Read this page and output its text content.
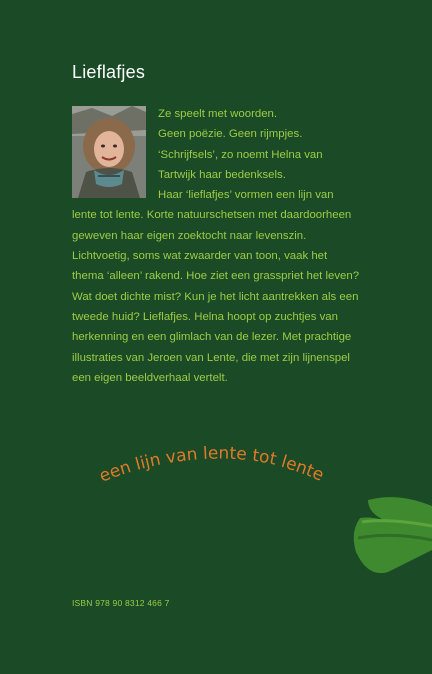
Lieflafjes
Ze speelt met woorden.
Geen poëzie. Geen rijmpjes.
‘Schrijfsels’, zo noemt Helna van
Tartwijk haar bedenksels.
Haar ‘lieflafjes’ vormen een lijn van
lente tot lente. Korte natuurschetsen met daardoorheen
geweven haar eigen zoektocht naar levenszin.
Lichtvoetig, soms wat zwaarder van toon, vaak het
thema ‘alleen’ rakend. Hoe ziet een grasspriet het leven?
Wat doet dichte mist? Kun je het licht aantrekken als een
tweede huid? Lieflafjes. Helna hoopt op zuchtjes van
herkenning en een glimlach van de lezer. Met prachtige
illustraties van Jeroen van Lente, die met zijn lijnenspel
een eigen beeldverhaal vertelt.
een lijn van lente tot lente
ISBN 978 90 8312 466 7
